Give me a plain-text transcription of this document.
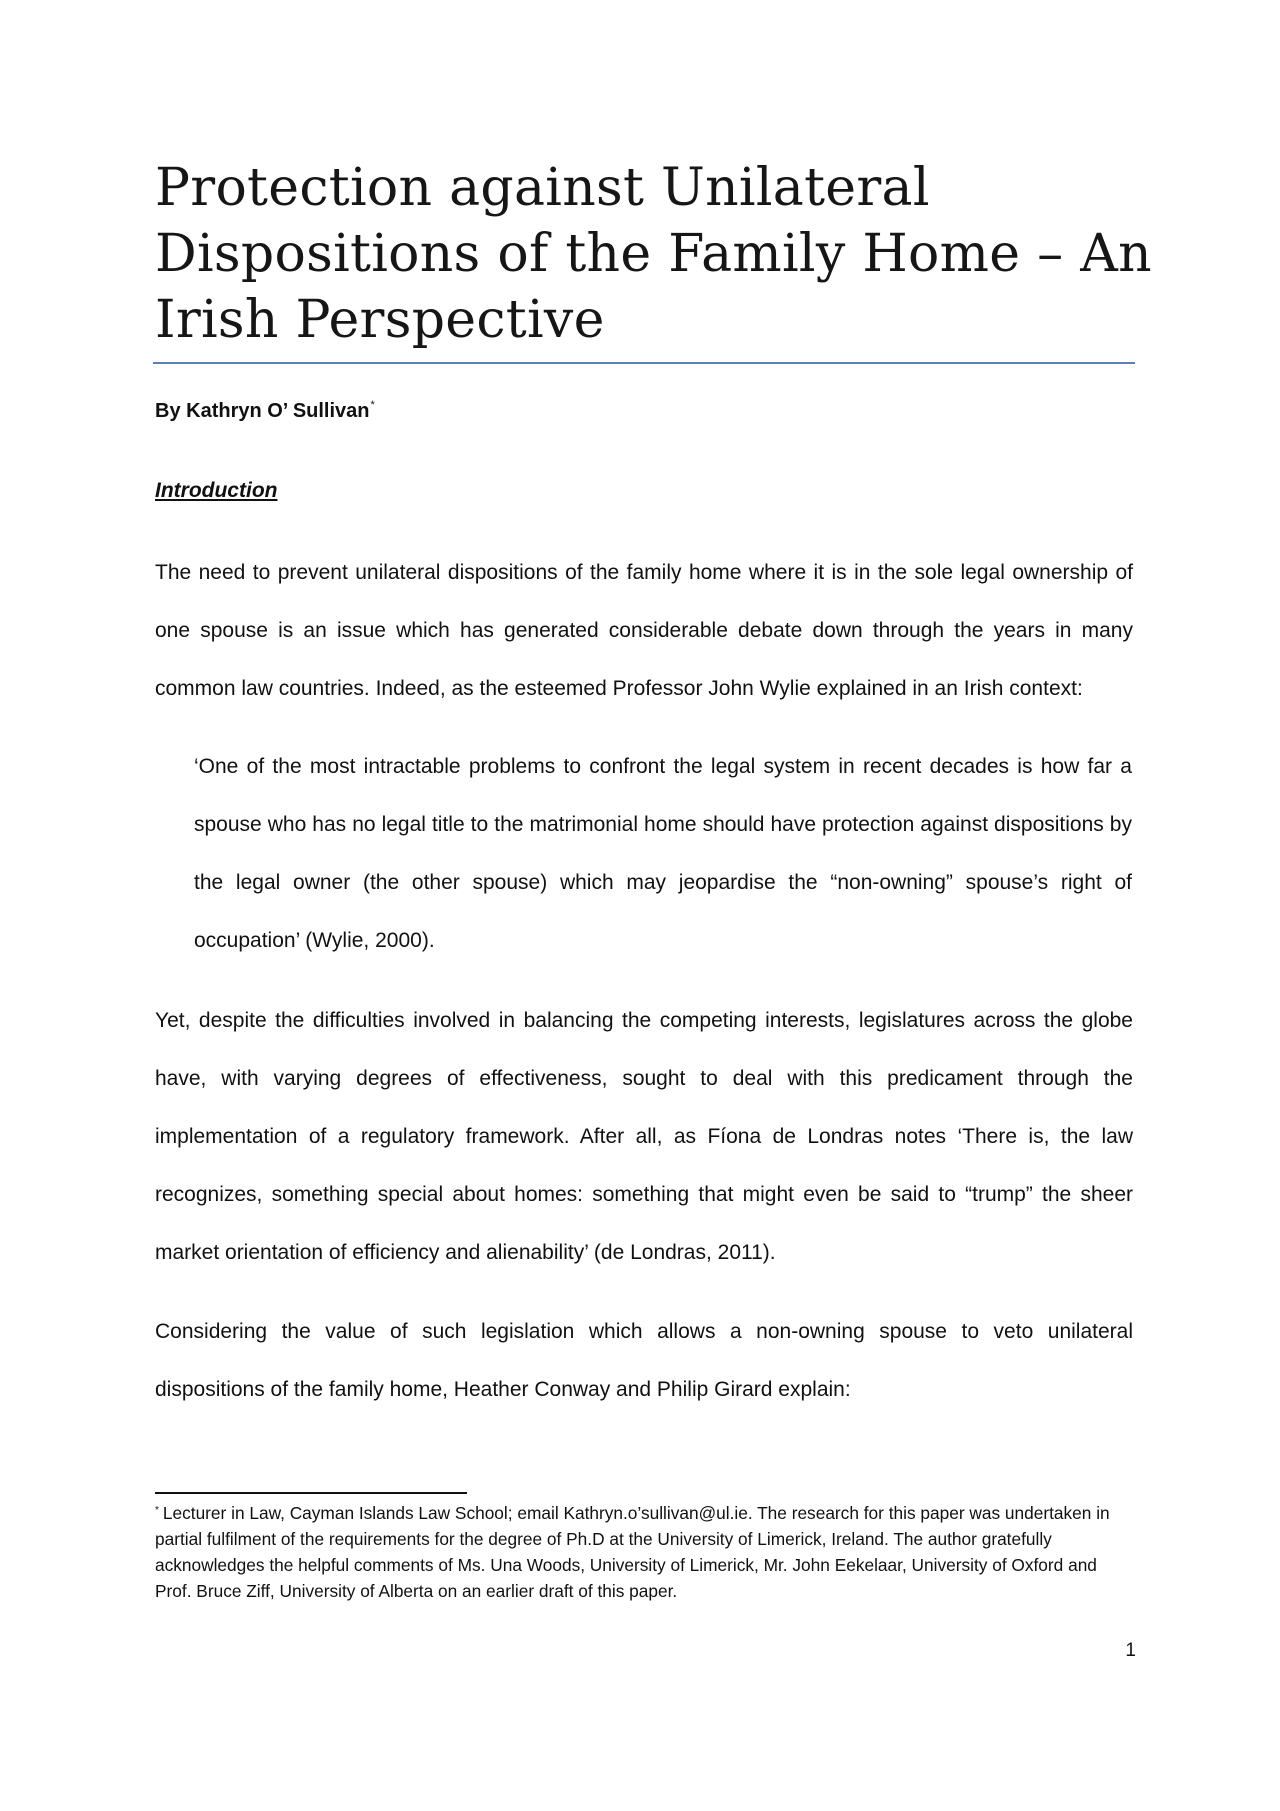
Protection against Unilateral
Dispositions of the Family Home – An
Irish Perspective
By Kathryn O’ Sullivan*
Introduction

The need to prevent unilateral dispositions of the family home where it is in the sole legal ownership of one spouse is an issue which has generated considerable debate down through the years in many common law countries. Indeed, as the esteemed Professor John Wylie explained in an Irish context:

‘One of the most intractable problems to confront the legal system in recent decades is how far a spouse who has no legal title to the matrimonial home should have protection against dispositions by the legal owner (the other spouse) which may jeopardise the “non-owning” spouse’s right of occupation’ (Wylie, 2000).

Yet, despite the difficulties involved in balancing the competing interests, legislatures across the globe have, with varying degrees of effectiveness, sought to deal with this predicament through the implementation of a regulatory framework. After all, as Fíona de Londras notes ‘There is, the law recognizes, something special about homes: something that might even be said to “trump” the sheer market orientation of efficiency and alienability’ (de Londras, 2011).

Considering the value of such legislation which allows a non-owning spouse to veto unilateral dispositions of the family home, Heather Conway and Philip Girard explain:

* Lecturer in Law, Cayman Islands Law School; email Kathryn.o’sullivan@ul.ie. The research for this paper was undertaken in partial fulfilment of the requirements for the degree of Ph.D at the University of Limerick, Ireland. The author gratefully acknowledges the helpful comments of Ms. Una Woods, University of Limerick, Mr. John Eekelaar, University of Oxford and Prof. Bruce Ziff, University of Alberta on an earlier draft of this paper.

1
